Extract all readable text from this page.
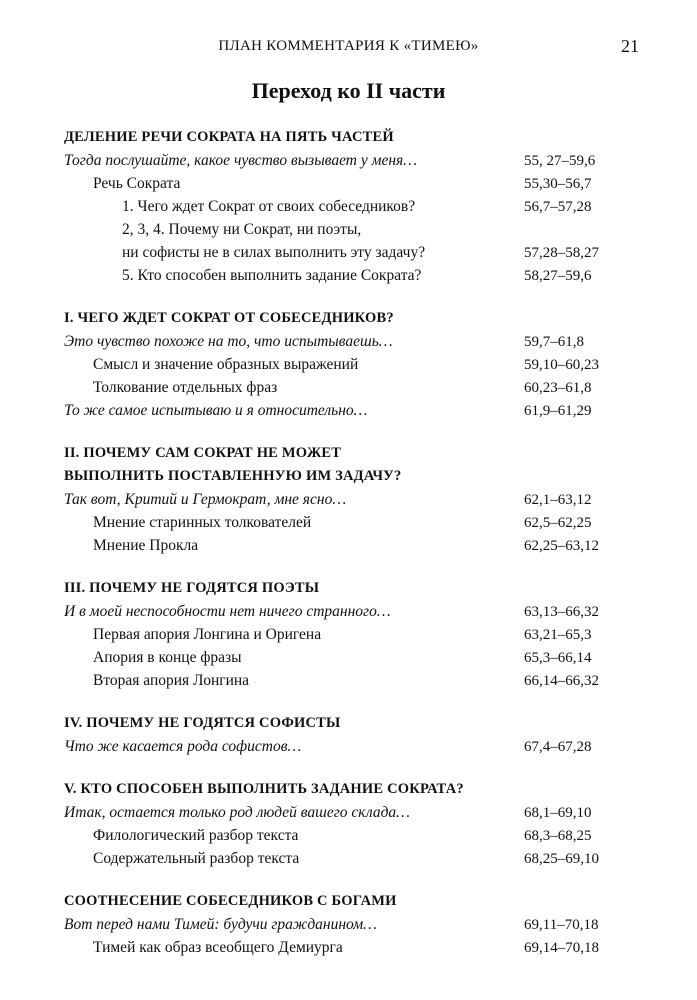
ПЛАН КОММЕНТАРИЯ К «ТИМЕЮ»	21
Переход ко II части
ДЕЛЕНИЕ РЕЧИ СОКРАТА НА ПЯТЬ ЧАСТЕЙ
Тогда послушайте, какое чувство вызывает у меня…	55, 27–59,6
Речь Сократа	55,30–56,7
1. Чего ждет Сократ от своих собеседников?	56,7–57,28
2, 3, 4. Почему ни Сократ, ни поэты,
ни софисты не в силах выполнить эту задачу?	57,28–58,27
5. Кто способен выполнить задание Сократа?	58,27–59,6
I. ЧЕГО ЖДЕТ СОКРАТ ОТ СОБЕСЕДНИКОВ?
Это чувство похоже на то, что испытываешь…	59,7–61,8
Смысл и значение образных выражений	59,10–60,23
Толкование отдельных фраз	60,23–61,8
То же самое испытываю и я относительно…	61,9–61,29
II. ПОЧЕМУ САМ СОКРАТ НЕ МОЖЕТ
ВЫПОЛНИТЬ ПОСТАВЛЕННУЮ ИМ ЗАДАЧУ?
Так вот, Критий и Гермократ, мне ясно…	62,1–63,12
Мнение старинных толкователей	62,5–62,25
Мнение Прокла	62,25–63,12
III. ПОЧЕМУ НЕ ГОДЯТСЯ ПОЭТЫ
И в моей неспособности нет ничего странного…	63,13–66,32
Первая апория Лонгина и Оригена	63,21–65,3
Апория в конце фразы	65,3–66,14
Вторая апория Лонгина	66,14–66,32
IV. ПОЧЕМУ НЕ ГОДЯТСЯ СОФИСТЫ
Что же касается рода софистов…	67,4–67,28
V. КТО СПОСОБЕН ВЫПОЛНИТЬ ЗАДАНИЕ СОКРАТА?
Итак, остается только род людей вашего склада…	68,1–69,10
Филологический разбор текста	68,3–68,25
Содержательный разбор текста	68,25–69,10
СООТНЕСЕНИЕ СОБЕСЕДНИКОВ С БОГАМИ
Вот перед нами Тимей: будучи гражданином…	69,11–70,18
Тимей как образ всеобщего Демиурга	69,14–70,18
